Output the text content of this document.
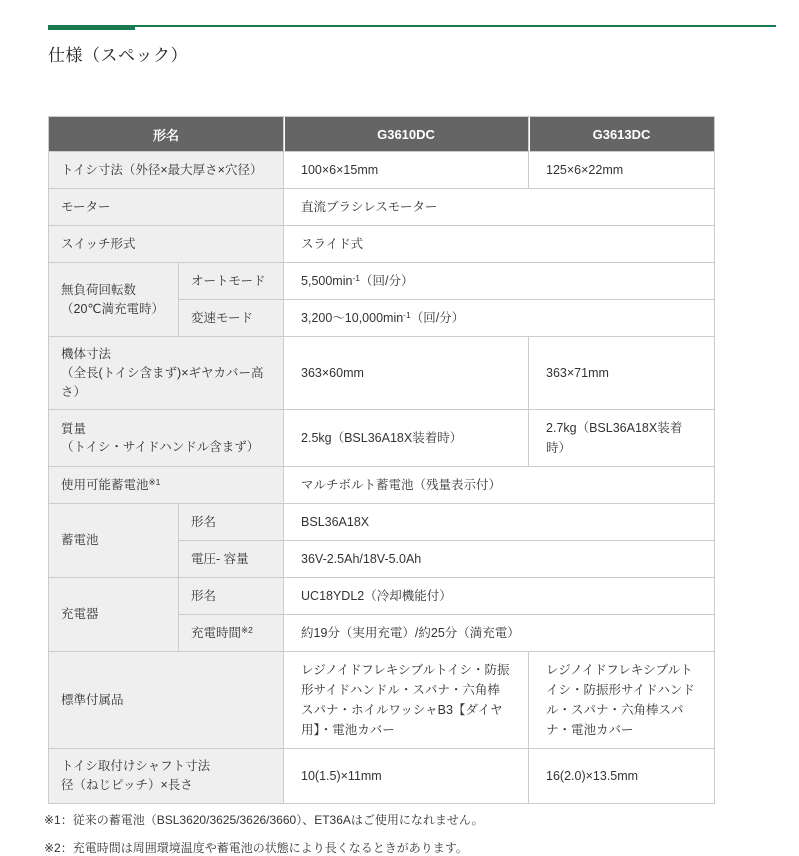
仕様（スペック）
形名		G3610DC	G3613DC
トイシ寸法（外径×最大厚さ×穴径）		100×6×15mm	125×6×22mm
モーター		直流ブラシレスモーター	
スイッチ形式		スライド式	

無負荷回転数
（20℃満充電時）	オートモード	$5,500\min^{-1}$（回/分）	
	変速モード	$3,200\sim 10,000\min^{-1}$（回/分）	

機体寸法
（全長(トイシ含まず)×ギヤカバー高さ）		363×60mm	363×71mm

質量
（トイシ・サイドハンドル含まず）		2.5kg（BSL36A18X装着時）	2.7kg（BSL36A18X装着時）
使用可能蓄電池$^{※1}$		マルチボルト蓄電池（残量表示付）	
蓄電池	形名	BSL36A18X	
	電圧- 容量	36V-2.5Ah/18V-5.0Ah	
充電器	形名	UC18YDL2（冷却機能付）	
	充電時間$^{※2}$	約19分（実用充電）/約25分（満充電）	
標準付属品		レジノイドフレキシブルトイシ・防振形サイドハンドル・スパナ・六角棒スパナ・ホイルワッシャB3【ダイヤ用】・電池カバー	レジノイドフレキシブルトイシ・防振形サイドハンドル・スパナ・六角棒スパナ・電池カバー

トイシ取付けシャフト寸法
径（ねじピッチ）×長さ		10(1.5)×11mm	16(2.0)×13.5mm

※1：従来の蓄電池（BSL3620/3625/3626/3660）、ET36Aはご使用になれません。

※2：充電時間は周囲環境温度や蓄電池の状態により長くなるときがあります。
